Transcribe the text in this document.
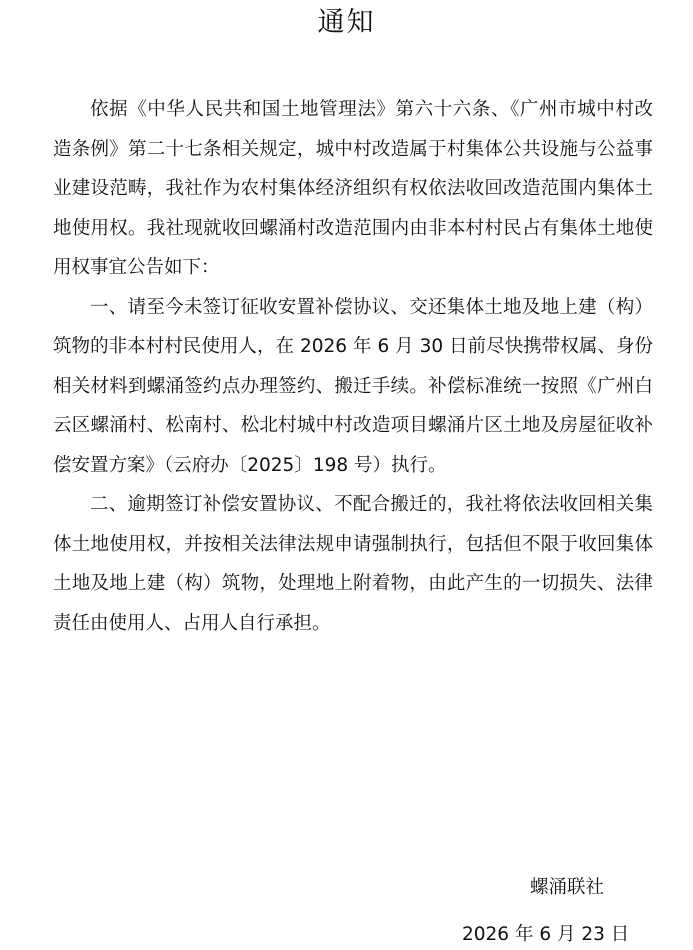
通知

依据《中华人民共和国土地管理法》第六十六条、《广州市城中村改造条例》第二十七条相关规定，城中村改造属于村集体公共设施与公益事业建设范畴，我社作为农村集体经济组织有权依法收回改造范围内集体土地使用权。我社现就收回螺涌村改造范围内由非本村村民占有集体土地使用权事宜公告如下：

一、请至今未签订征收安置补偿协议、交还集体土地及地上建（构）筑物的非本村村民使用人，在 2026 年 6 月 30 日前尽快携带权属、身份相关材料到螺涌签约点办理签约、搬迁手续。补偿标准统一按照《广州白云区螺涌村、松南村、松北村城中村改造项目螺涌片区土地及房屋征收补偿安置方案》（云府办〔2025〕198 号）执行。

二、逾期签订补偿安置协议、不配合搬迁的，我社将依法收回相关集体土地使用权，并按相关法律法规申请强制执行，包括但不限于收回集体土地及地上建（构）筑物，处理地上附着物，由此产生的一切损失、法律责任由使用人、占用人自行承担。

螺涌联社

2026 年 6 月 23 日
